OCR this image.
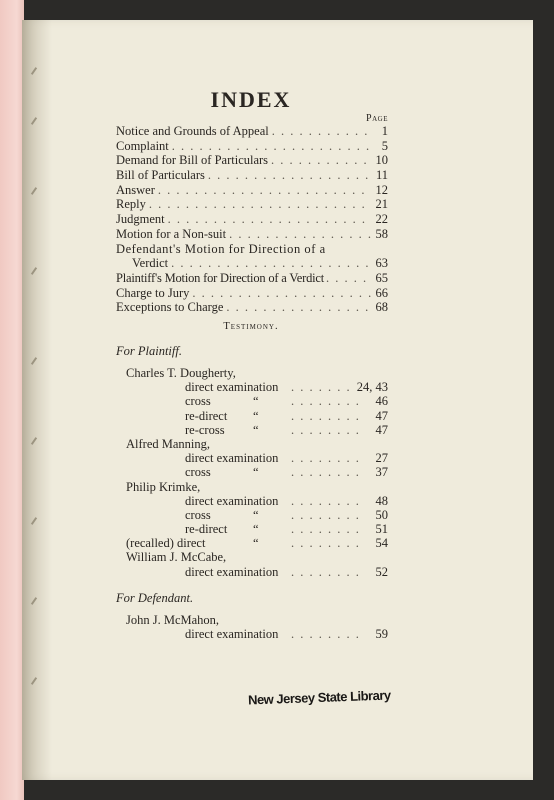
INDEX
Page
Notice and Grounds of Appeal . . .	1
Complaint . . .	5
Demand for Bill of Particulars . . .	10
Bill of Particulars . . .	11
Answer . . .	12
Reply . . .	21
Judgment . . .	22
Motion for a Non-suit . . .	58
Defendant's Motion for Direction of a
Verdict . . .	63
Plaintiff's Motion for Direction of a Verdict . . .	65
Charge to Jury . . .	66
Exceptions to Charge . . .	68
Testimony.
For Plaintiff.
Charles T. Dougherty,
direct examination . . .	24, 43
cross	“ . . .	46
re-direct “ . . .	47
re-cross “ . . .	47
Alfred Manning,
direct examination . . .	27
cross	“ . . .	37
Philip Krimke,
direct examination . . .	48
cross	“ . . .	50
re-direct “ . . .	51
(recalled) direct	“ . . .	54
William J. McCabe,
direct examination . . .	52
For Defendant.
John J. McMahon,
direct examination . . .	59
New Jersey State Library
